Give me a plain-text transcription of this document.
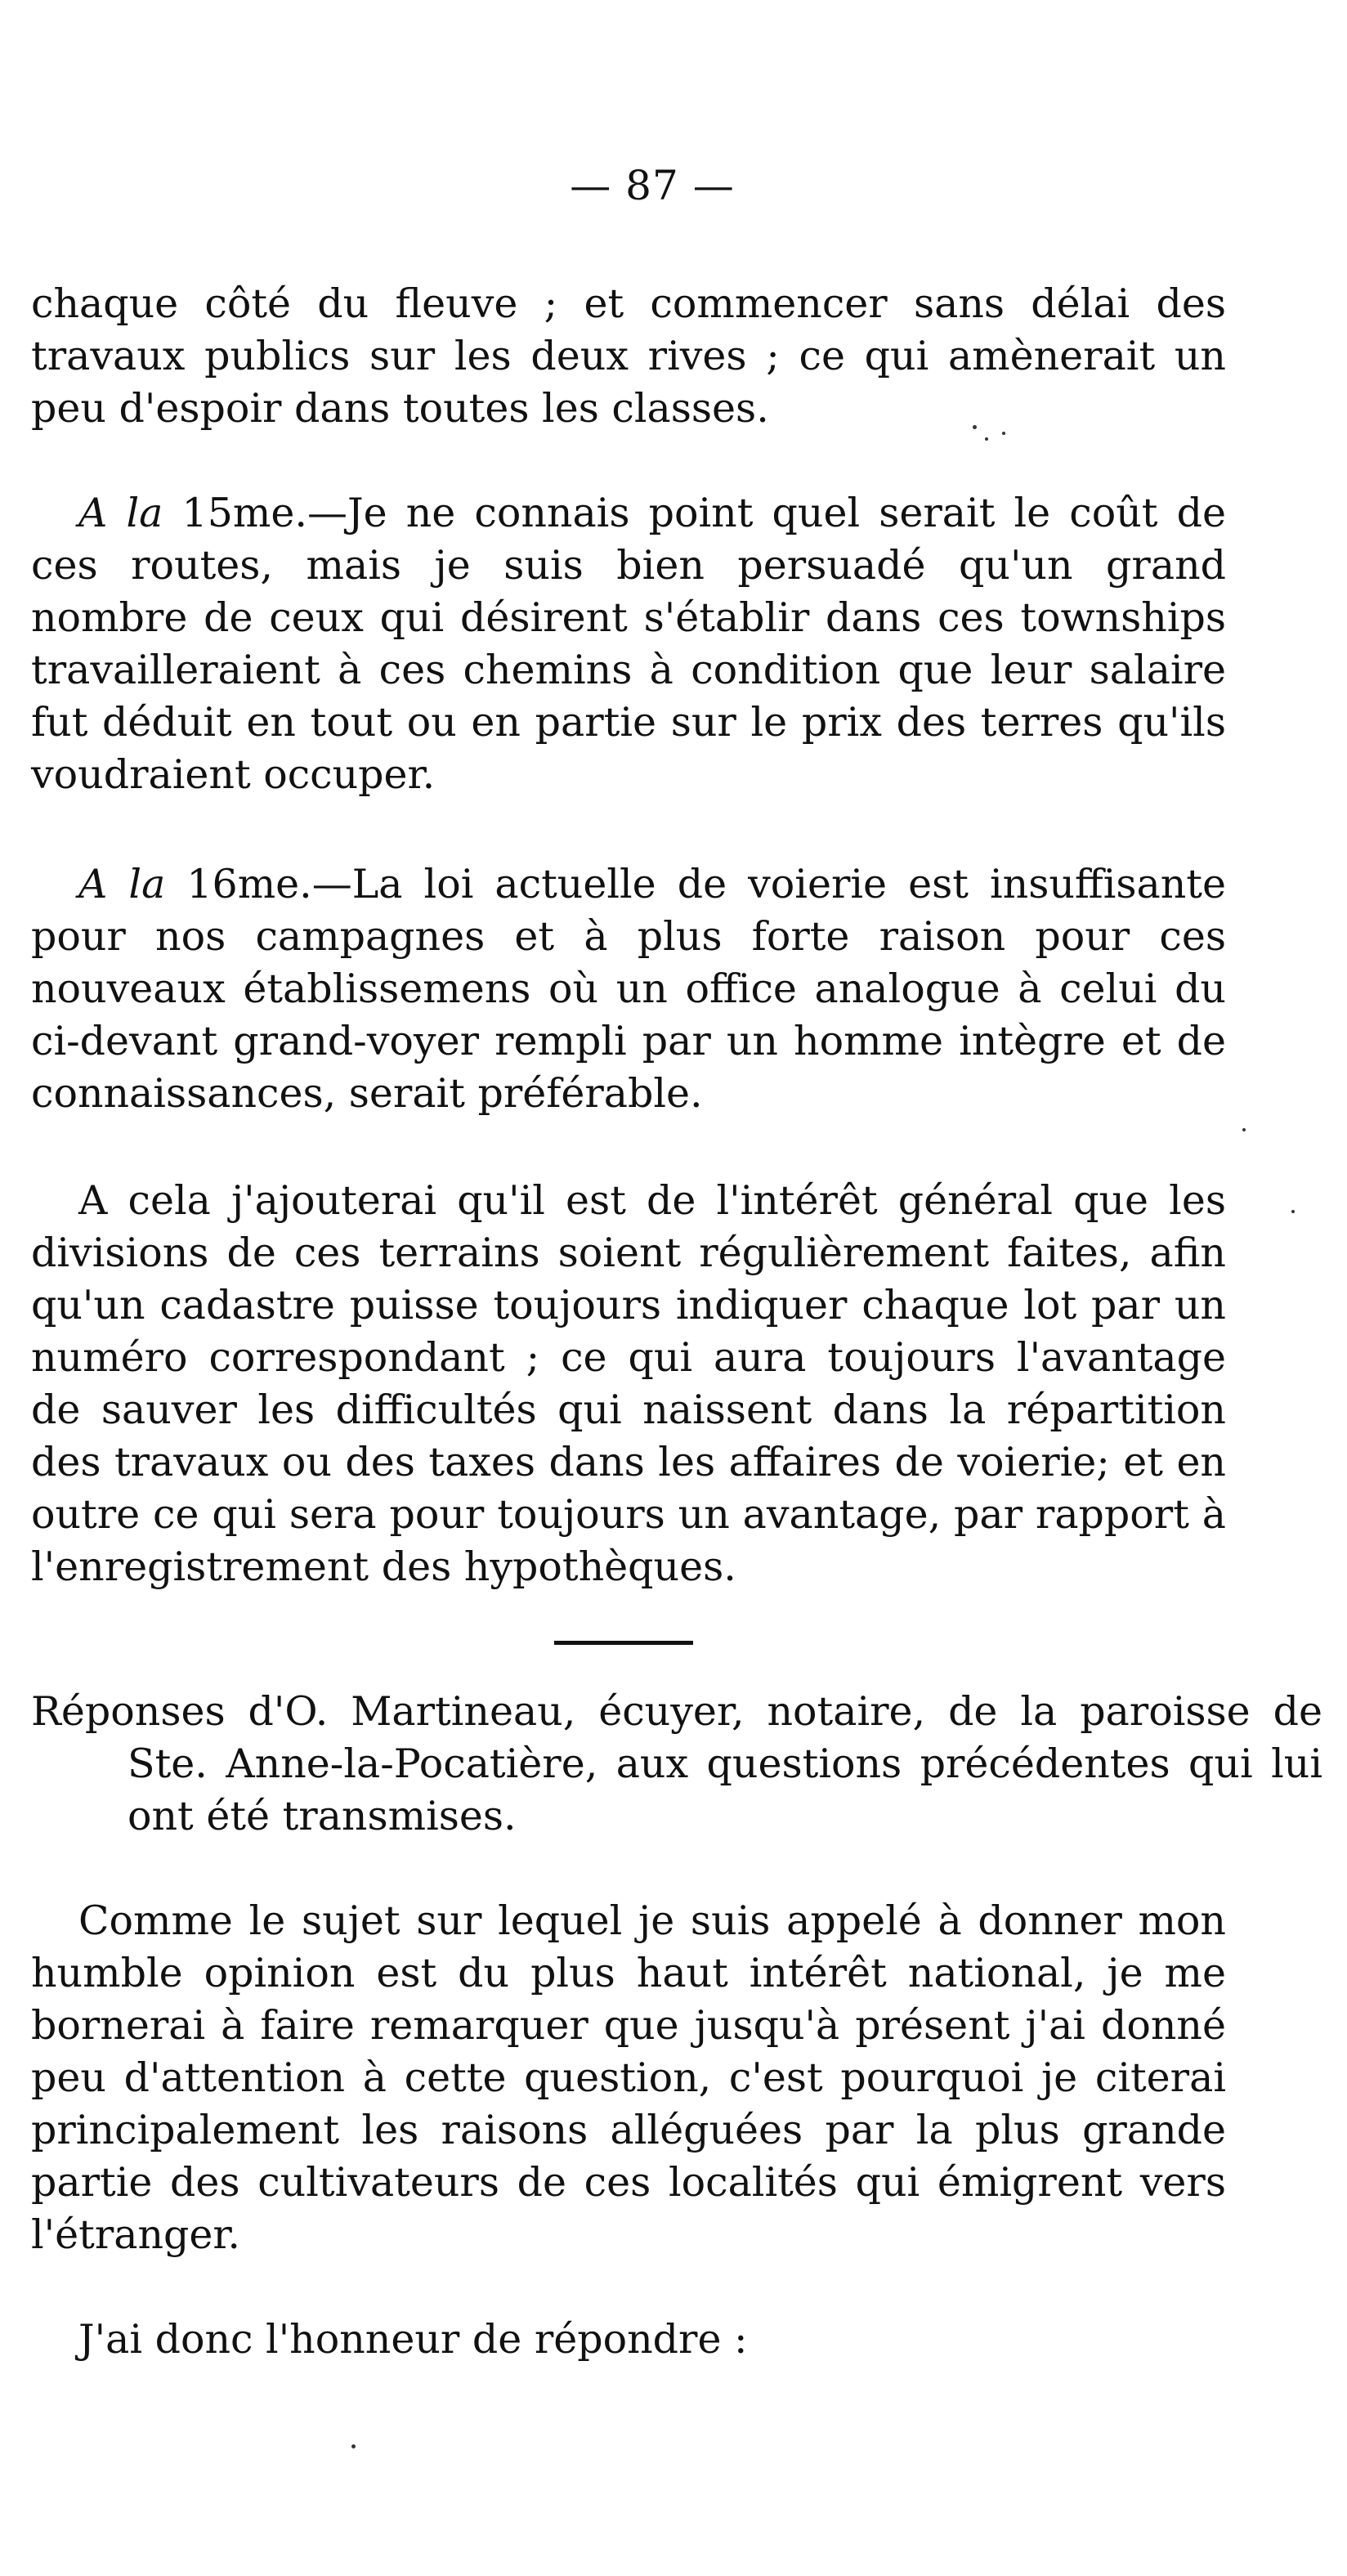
— 87 —

chaque côté du fleuve ; et commencer sans délai des travaux publics sur les deux rives ; ce qui amènerait un peu d'espoir dans toutes les classes.

A la 15me.—Je ne connais point quel serait le coût de ces routes, mais je suis bien persuadé qu'un grand nombre de ceux qui désirent s'établir dans ces townships travailleraient à ces chemins à condition que leur salaire fut déduit en tout ou en partie sur le prix des terres qu'ils voudraient occuper.

A la 16me.—La loi actuelle de voierie est insuffisante pour nos campagnes et à plus forte raison pour ces nouveaux établissemens où un office analogue à celui du ci-devant grand-voyer rempli par un homme intègre et de connaissances, serait préférable.

A cela j'ajouterai qu'il est de l'intérêt général que les divisions de ces terrains soient régulièrement faites, afin qu'un cadastre puisse toujours indiquer chaque lot par un numéro correspondant ; ce qui aura toujours l'avantage de sauver les difficultés qui naissent dans la répartition des travaux ou des taxes dans les affaires de voierie; et en outre ce qui sera pour toujours un avantage, par rapport à l'enregistrement des hypothèques.

Réponses d'O. Martineau, écuyer, notaire, de la paroisse de Ste. Anne-la-Pocatière, aux questions précédentes qui lui ont été transmises.

Comme le sujet sur lequel je suis appelé à donner mon humble opinion est du plus haut intérêt national, je me bornerai à faire remarquer que jusqu'à présent j'ai donné peu d'attention à cette question, c'est pourquoi je citerai principalement les raisons alléguées par la plus grande partie des cultivateurs de ces localités qui émigrent vers l'étranger.

J'ai donc l'honneur de répondre :
